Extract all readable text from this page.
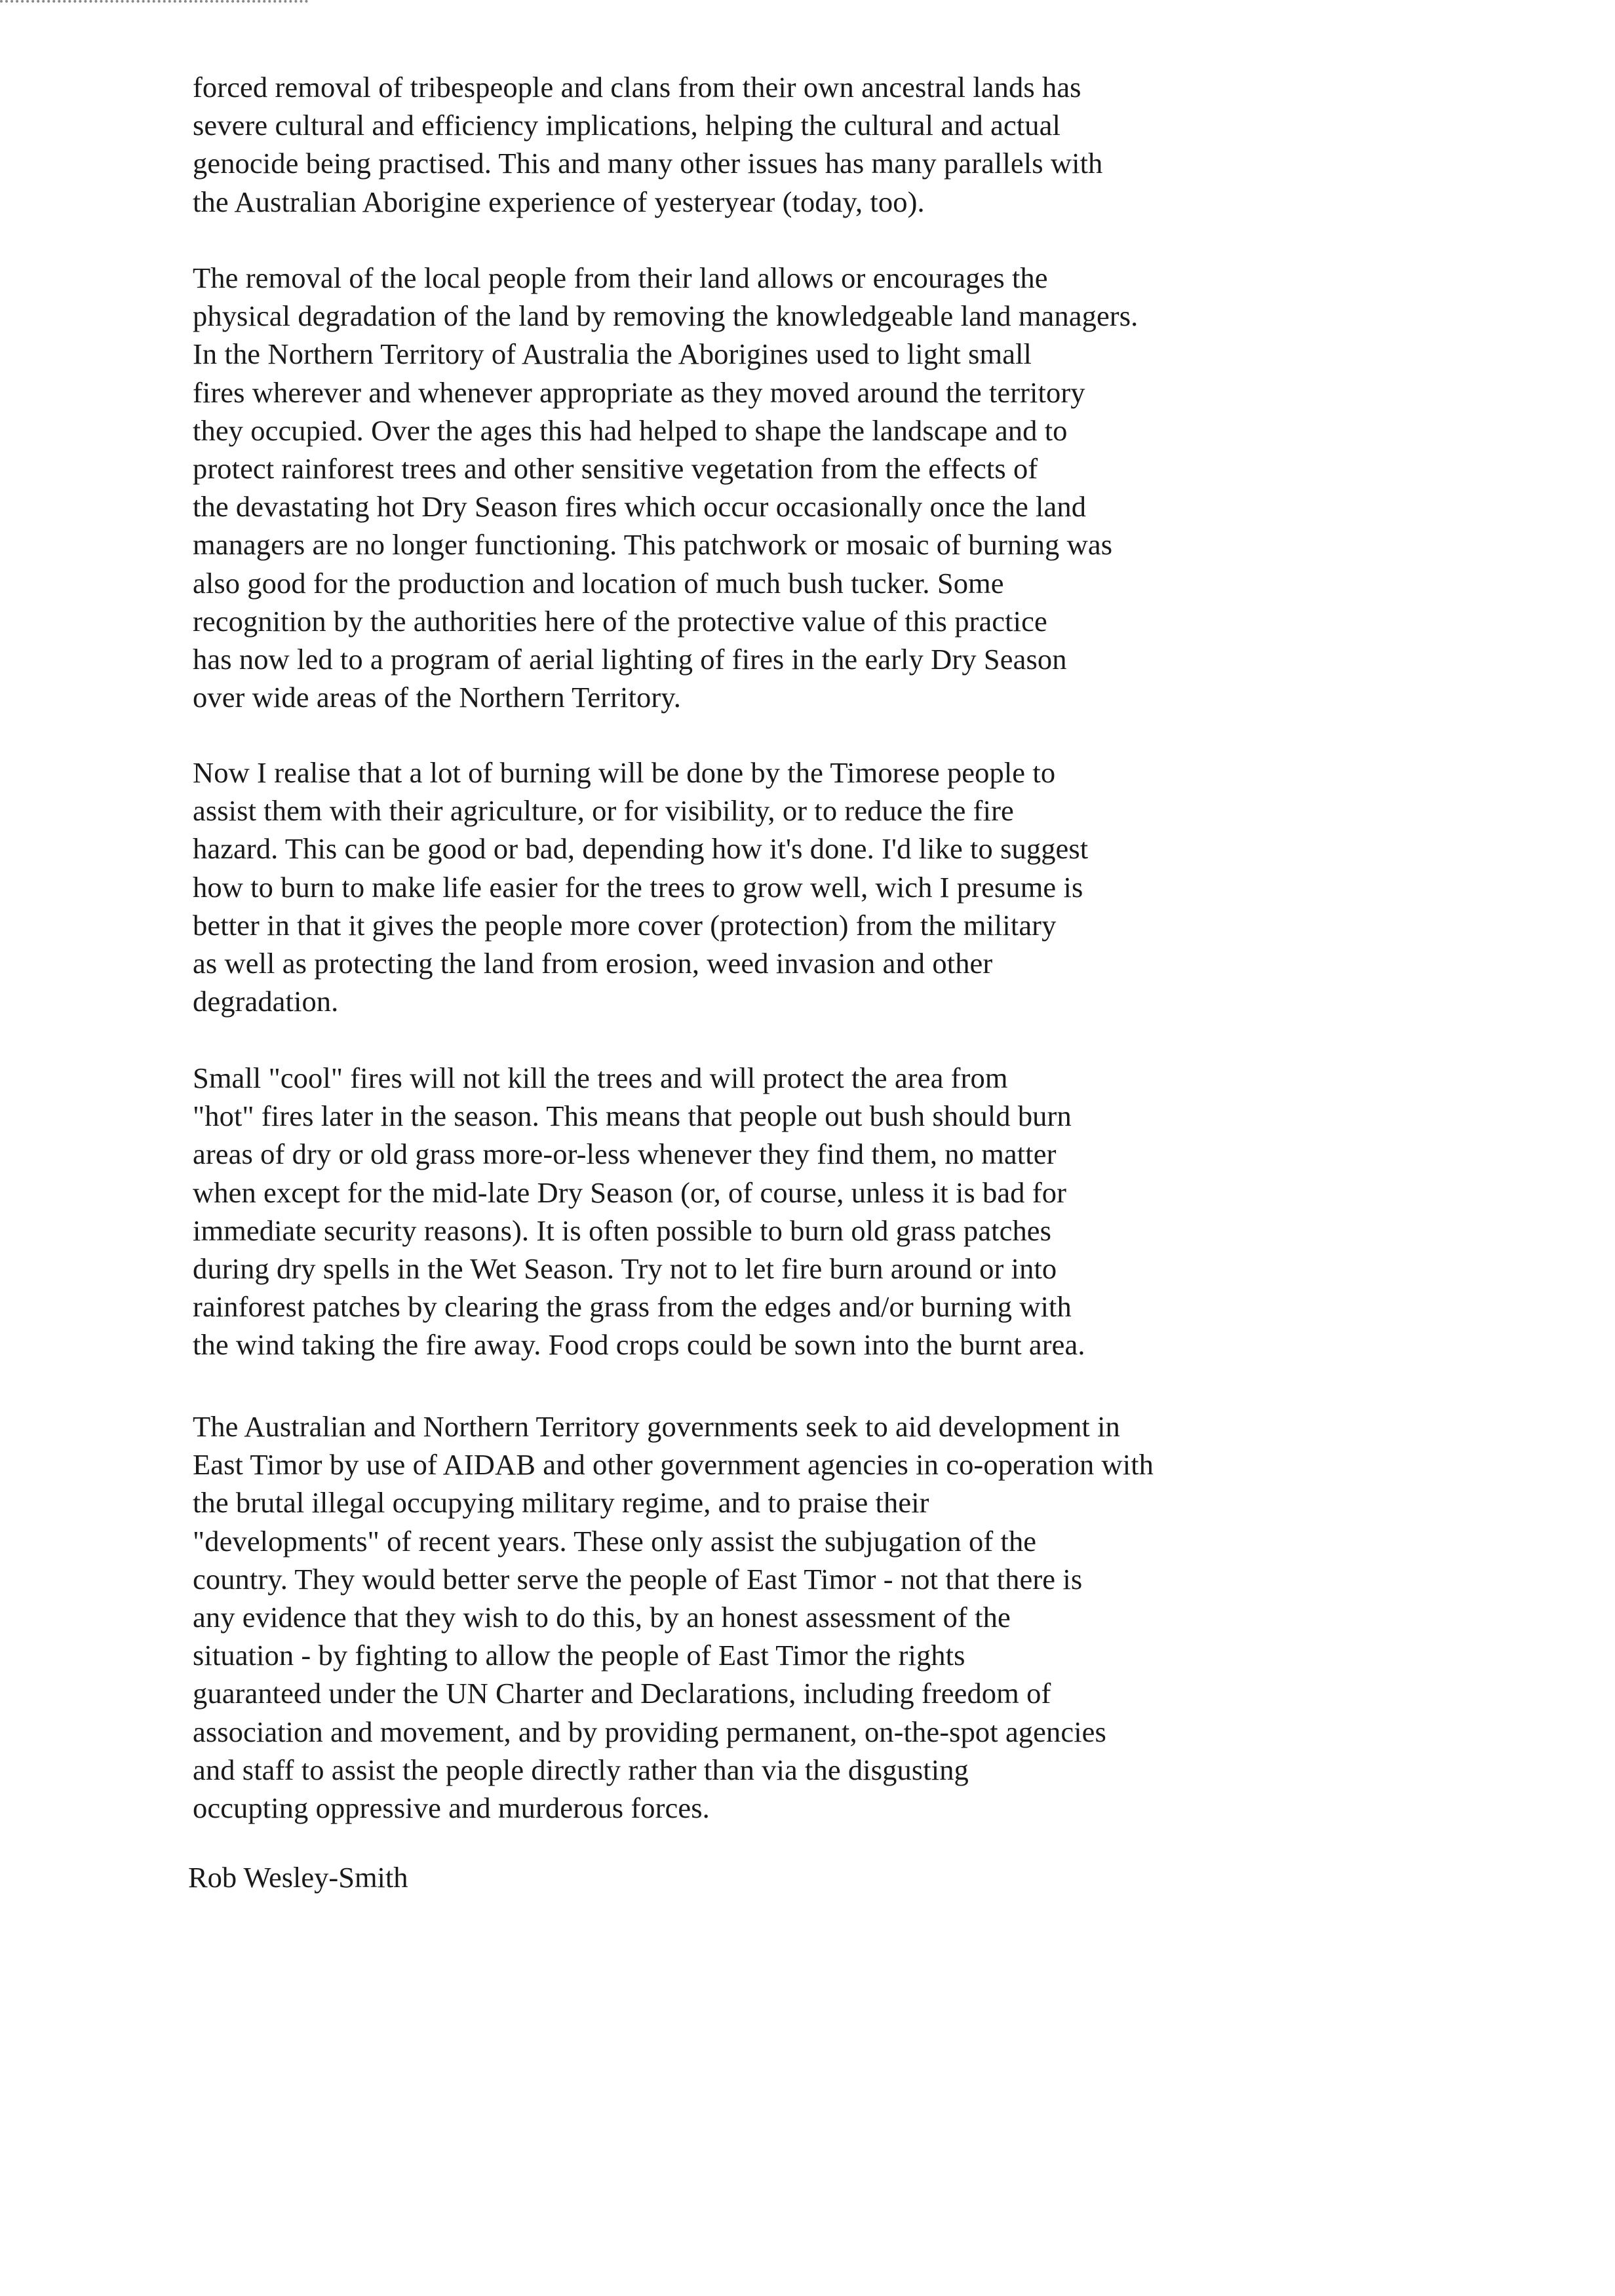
forced removal of tribespeople and clans from their own ancestral lands has
severe cultural and efficiency implications, helping the cultural and actual
genocide being practised. This and many other issues has many parallels with
the Australian Aborigine experience of yesteryear (today, too).

The removal of the local people from their land allows or encourages the
physical degradation of the land by removing the knowledgeable land managers.
In the Northern Territory of Australia the Aborigines used to light small
fires wherever and whenever appropriate as they moved around the territory
they occupied. Over the ages this had helped to shape the landscape and to
protect rainforest trees and other sensitive vegetation from the effects of
the devastating hot Dry Season fires which occur occasionally once the land
managers are no longer functioning. This patchwork or mosaic of burning was
also good for the production and location of much bush tucker. Some
recognition by the authorities here of the protective value of this practice
has now led to a program of aerial lighting of fires in the early Dry Season
over wide areas of the Northern Territory.

Now I realise that a lot of burning will be done by the Timorese people to
assist them with their agriculture, or for visibility, or to reduce the fire
hazard. This can be good or bad, depending how it's done. I'd like to suggest
how to burn to make life easier for the trees to grow well, wich I presume is
better in that it gives the people more cover (protection) from the military
as well as protecting the land from erosion, weed invasion and other
degradation.

Small "cool" fires will not kill the trees and will protect the area from
"hot" fires later in the season. This means that people out bush should burn
areas of dry or old grass more-or-less whenever they find them, no matter
when except for the mid-late Dry Season (or, of course, unless it is bad for
immediate security reasons). It is often possible to burn old grass patches
during dry spells in the Wet Season. Try not to let fire burn around or into
rainforest patches by clearing the grass from the edges and/or burning with
the wind taking the fire away. Food crops could be sown into the burnt area.

The Australian and Northern Territory governments seek to aid development in
East Timor by use of AIDAB and other government agencies in co-operation with
the brutal illegal occupying military regime, and to praise their
"developments" of recent years. These only assist the subjugation of the
country. They would better serve the people of East Timor - not that there is
any evidence that they wish to do this, by an honest assessment of the
situation - by fighting to allow the people of East Timor the rights
guaranteed under the UN Charter and Declarations, including freedom of
association and movement, and by providing permanent, on-the-spot agencies
and staff to assist the people directly rather than via the disgusting
occupting oppressive and murderous forces.

Rob Wesley-Smith
